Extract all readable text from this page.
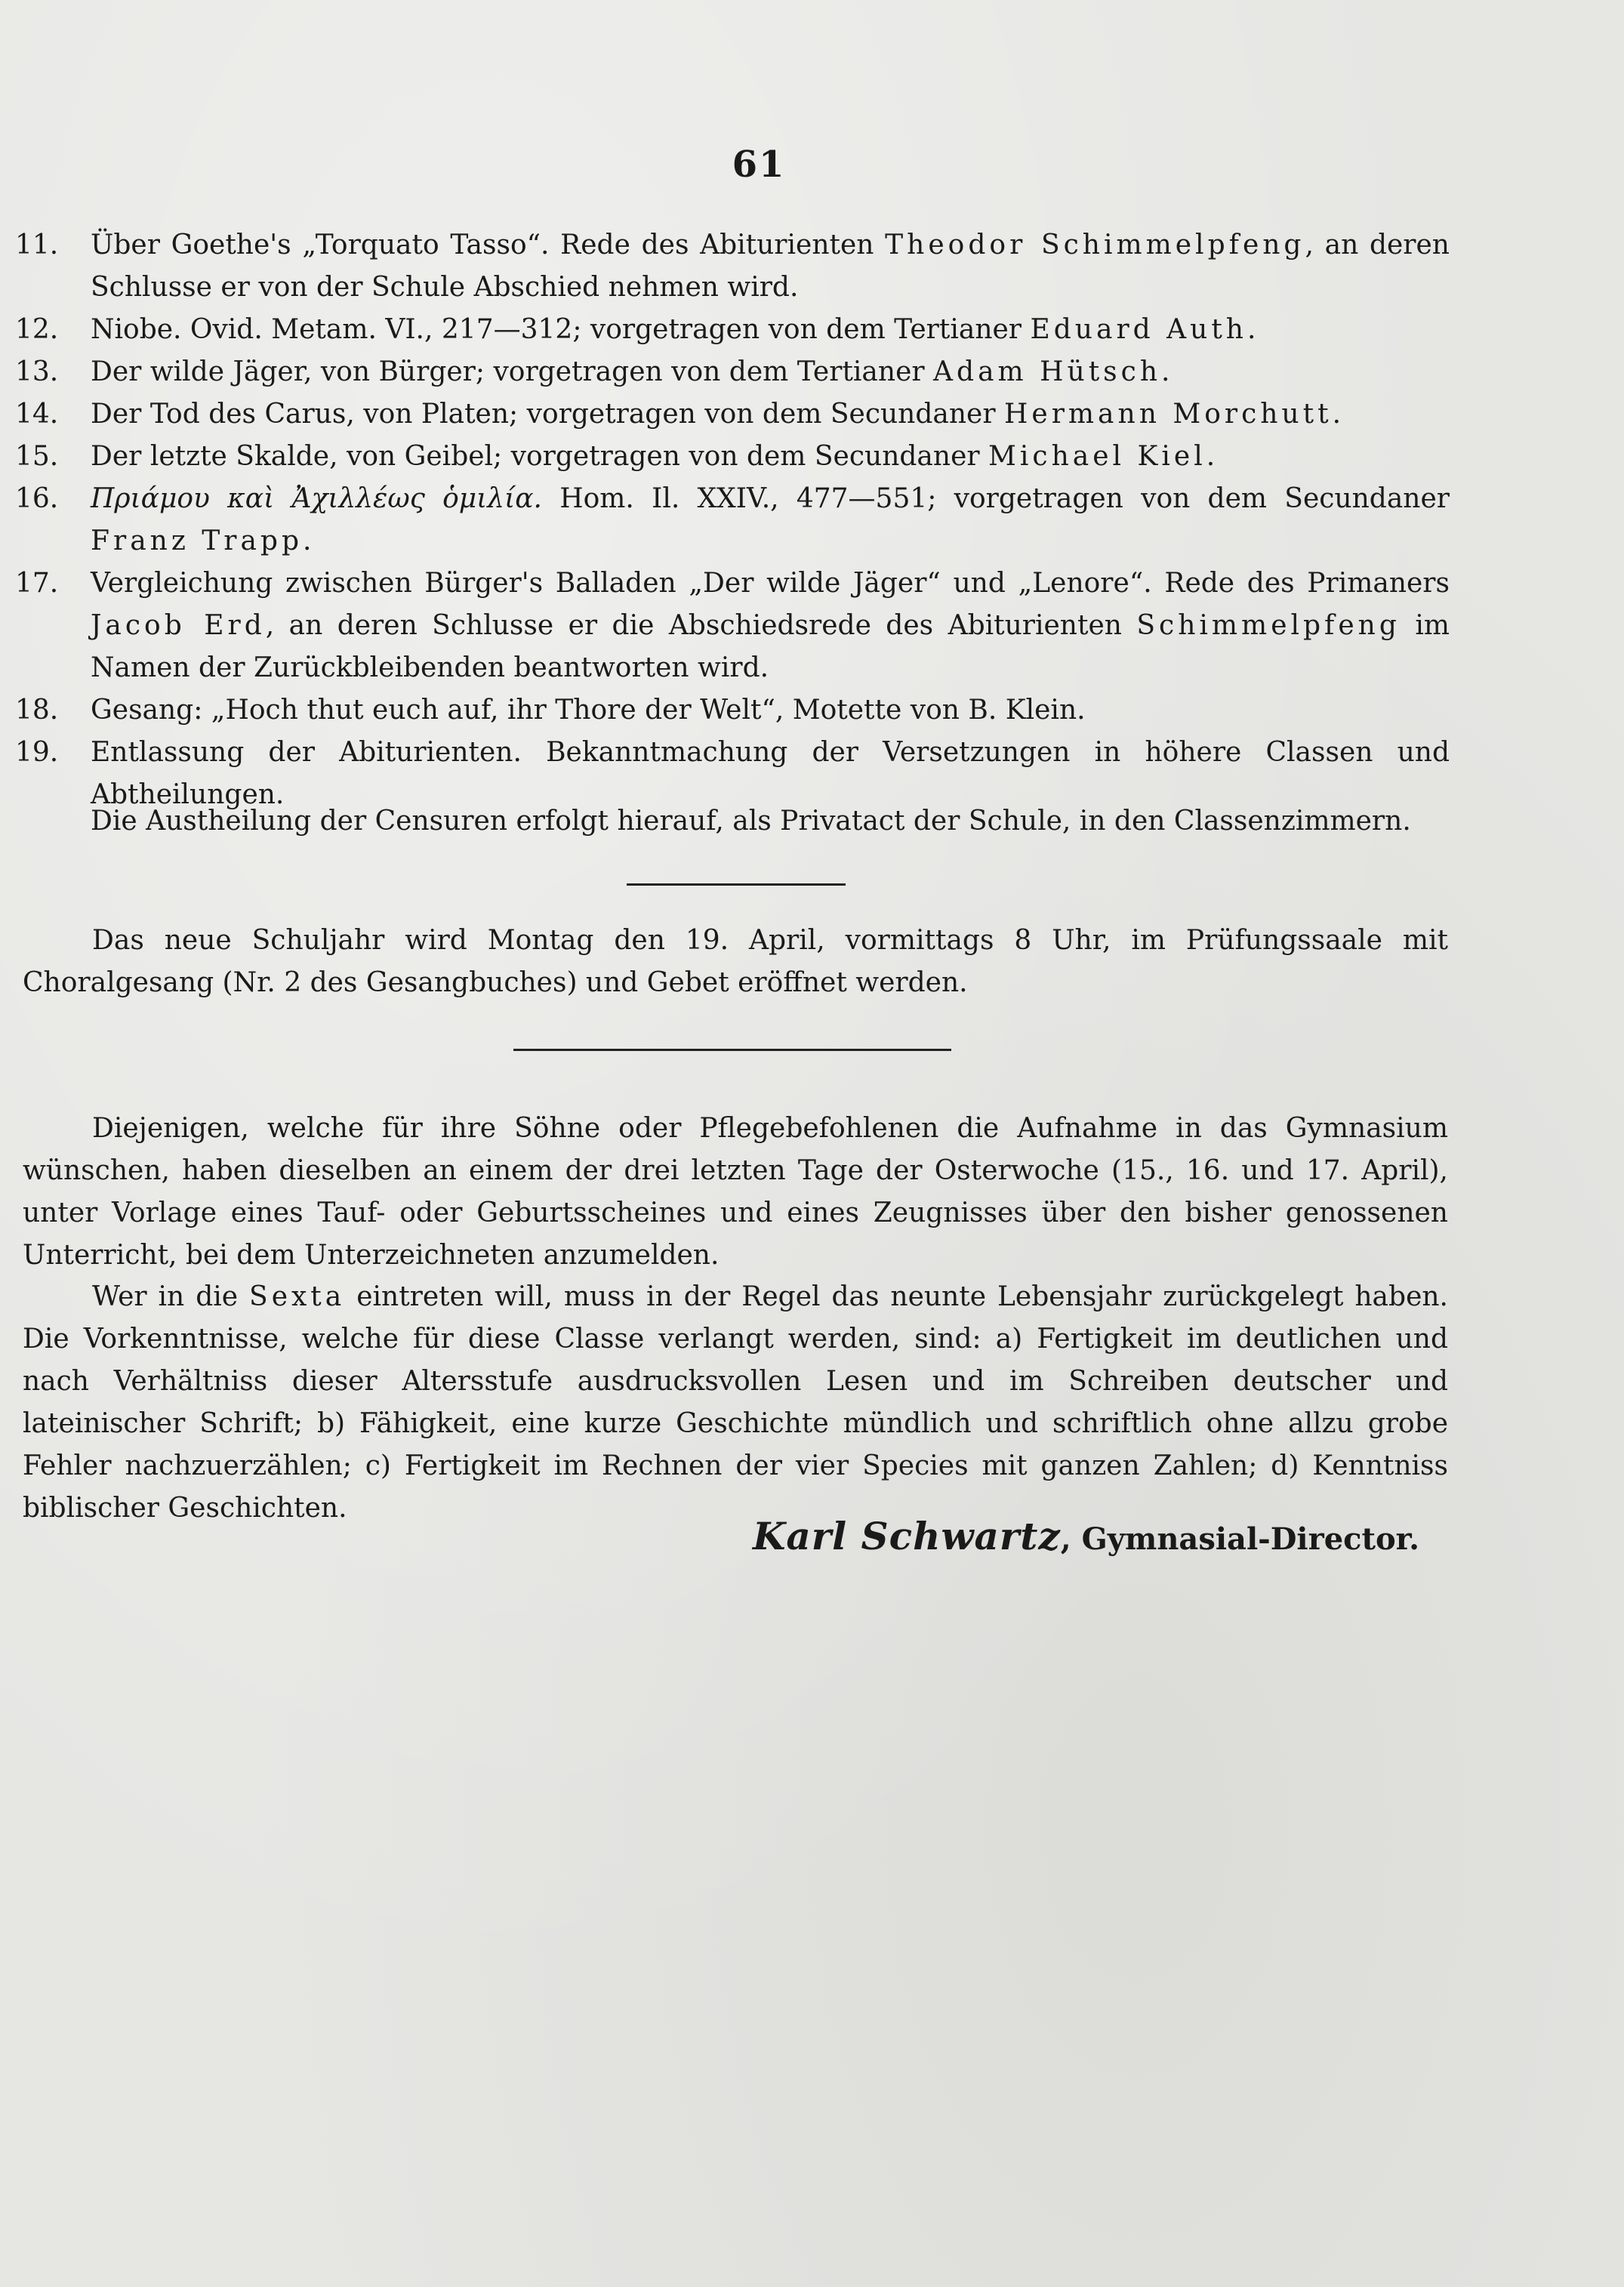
61
11.	Über Goethe's „Torquato Tasso“. Rede des Abiturienten Theodor Schimmelpfeng, an deren Schlusse er von der Schule Abschied nehmen wird.
12.	Niobe. Ovid. Metam. VI., 217—312; vorgetragen von dem Tertianer Eduard Auth.
13.	Der wilde Jäger, von Bürger; vorgetragen von dem Tertianer Adam Hütsch.
14.	Der Tod des Carus, von Platen; vorgetragen von dem Secundaner Hermann Morchutt.
15.	Der letzte Skalde, von Geibel; vorgetragen von dem Secundaner Michael Kiel.
16.	Πριάμου καὶ Ἀχιλλέως ὁμιλία. Hom. Il. XXIV., 477—551; vorgetragen von dem Secundaner Franz Trapp.
17.	Vergleichung zwischen Bürger's Balladen „Der wilde Jäger“ und „Lenore“. Rede des Primaners Jacob Erd, an deren Schlusse er die Abschiedsrede des Abiturienten Schimmelpfeng im Namen der Zurückbleibenden beantworten wird.
18.	Gesang: „Hoch thut euch auf, ihr Thore der Welt“, Motette von B. Klein.
19.	Entlassung der Abiturienten. Bekanntmachung der Versetzungen in höhere Classen und Abtheilungen.
Die Austheilung der Censuren erfolgt hierauf, als Privatact der Schule, in den Classenzimmern.
Das neue Schuljahr wird Montag den 19. April, vormittags 8 Uhr, im Prüfungssaale mit Choralgesang (Nr. 2 des Gesangbuches) und Gebet eröffnet werden.
Diejenigen, welche für ihre Söhne oder Pflegebefohlenen die Aufnahme in das Gymnasium wünschen, haben dieselben an einem der drei letzten Tage der Osterwoche (15., 16. und 17. April), unter Vorlage eines Tauf- oder Geburtsscheines und eines Zeugnisses über den bisher genossenen Unterricht, bei dem Unterzeichneten anzumelden.
Wer in die Sexta eintreten will, muss in der Regel das neunte Lebensjahr zurückgelegt haben. Die Vorkenntnisse, welche für diese Classe verlangt werden, sind: a) Fertigkeit im deutlichen und nach Verhältniss dieser Altersstufe ausdrucksvollen Lesen und im Schreiben deutscher und lateinischer Schrift; b) Fähigkeit, eine kurze Geschichte mündlich und schriftlich ohne allzu grobe Fehler nachzuerzählen; c) Fertigkeit im Rechnen der vier Species mit ganzen Zahlen; d) Kenntniss biblischer Geschichten.
Karl Schwartz, Gymnasial-Director.
